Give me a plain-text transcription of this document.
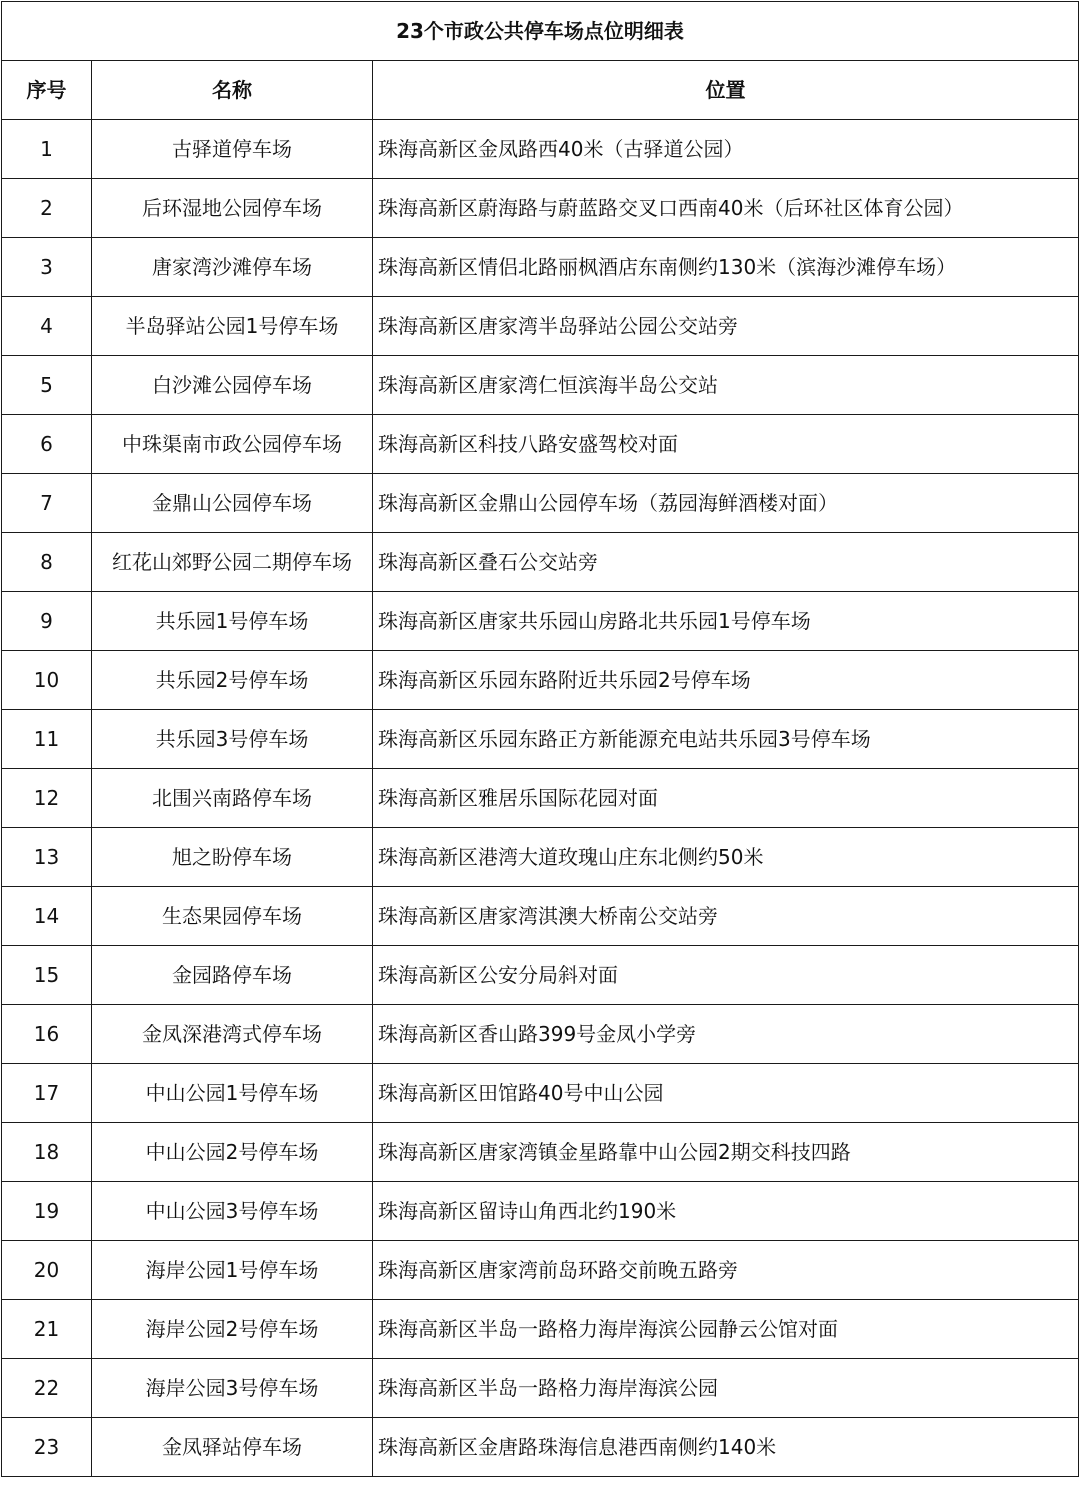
23个市政公共停车场点位明细表		
序号	名称	位置
1	古驿道停车场	珠海高新区金凤路西40米（古驿道公园）
2	后环湿地公园停车场	珠海高新区蔚海路与蔚蓝路交叉口西南40米（后环社区体育公园）
3	唐家湾沙滩停车场	珠海高新区情侣北路丽枫酒店东南侧约130米（滨海沙滩停车场）
4	半岛驿站公园1号停车场	珠海高新区唐家湾半岛驿站公园公交站旁
5	白沙滩公园停车场	珠海高新区唐家湾仁恒滨海半岛公交站
6	中珠渠南市政公园停车场	珠海高新区科技八路安盛驾校对面
7	金鼎山公园停车场	珠海高新区金鼎山公园停车场（荔园海鲜酒楼对面）
8	红花山郊野公园二期停车场	珠海高新区叠石公交站旁
9	共乐园1号停车场	珠海高新区唐家共乐园山房路北共乐园1号停车场
10	共乐园2号停车场	珠海高新区乐园东路附近共乐园2号停车场
11	共乐园3号停车场	珠海高新区乐园东路正方新能源充电站共乐园3号停车场
12	北围兴南路停车场	珠海高新区雅居乐国际花园对面
13	旭之盼停车场	珠海高新区港湾大道玫瑰山庄东北侧约50米
14	生态果园停车场	珠海高新区唐家湾淇澳大桥南公交站旁
15	金园路停车场	珠海高新区公安分局斜对面
16	金凤深港湾式停车场	珠海高新区香山路399号金凤小学旁
17	中山公园1号停车场	珠海高新区田馆路40号中山公园
18	中山公园2号停车场	珠海高新区唐家湾镇金星路靠中山公园2期交科技四路
19	中山公园3号停车场	珠海高新区留诗山角西北约190米
20	海岸公园1号停车场	珠海高新区唐家湾前岛环路交前晚五路旁
21	海岸公园2号停车场	珠海高新区半岛一路格力海岸海滨公园静云公馆对面
22	海岸公园3号停车场	珠海高新区半岛一路格力海岸海滨公园
23	金凤驿站停车场	珠海高新区金唐路珠海信息港西南侧约140米
